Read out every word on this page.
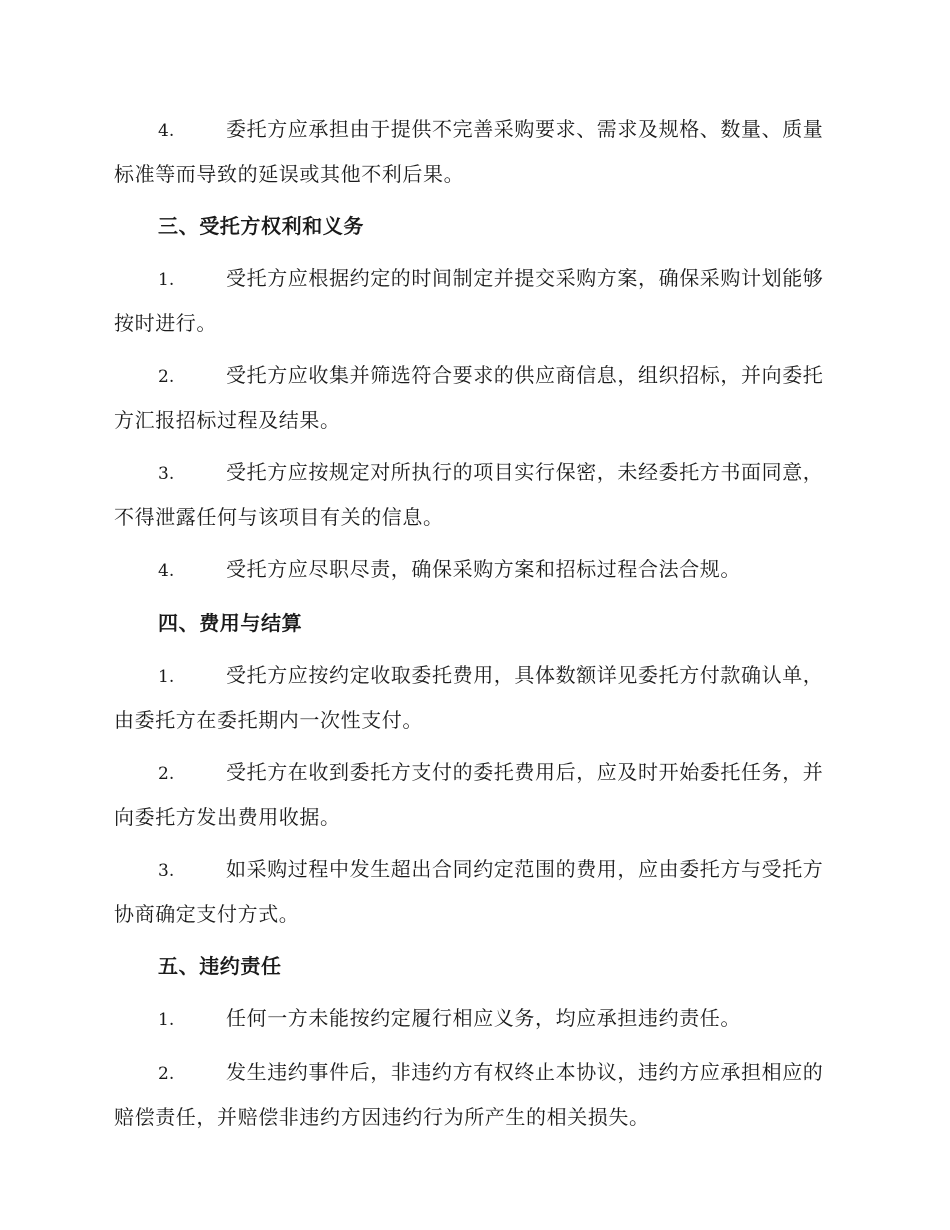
4.	委托方应承担由于提供不完善采购要求、需求及规格、数量、质量标准等而导致的延误或其他不利后果。

三、受托方权利和义务

1.	受托方应根据约定的时间制定并提交采购方案，确保采购计划能够按时进行。

2.	受托方应收集并筛选符合要求的供应商信息，组织招标，并向委托方汇报招标过程及结果。

3.	受托方应按规定对所执行的项目实行保密，未经委托方书面同意，不得泄露任何与该项目有关的信息。

4.	受托方应尽职尽责，确保采购方案和招标过程合法合规。

四、费用与结算

1.	受托方应按约定收取委托费用，具体数额详见委托方付款确认单，由委托方在委托期内一次性支付。

2.	受托方在收到委托方支付的委托费用后，应及时开始委托任务，并向委托方发出费用收据。

3.	如采购过程中发生超出合同约定范围的费用，应由委托方与受托方协商确定支付方式。

五、违约责任

1.	任何一方未能按约定履行相应义务，均应承担违约责任。

2.	发生违约事件后，非违约方有权终止本协议，违约方应承担相应的赔偿责任，并赔偿非违约方因违约行为所产生的相关损失。
